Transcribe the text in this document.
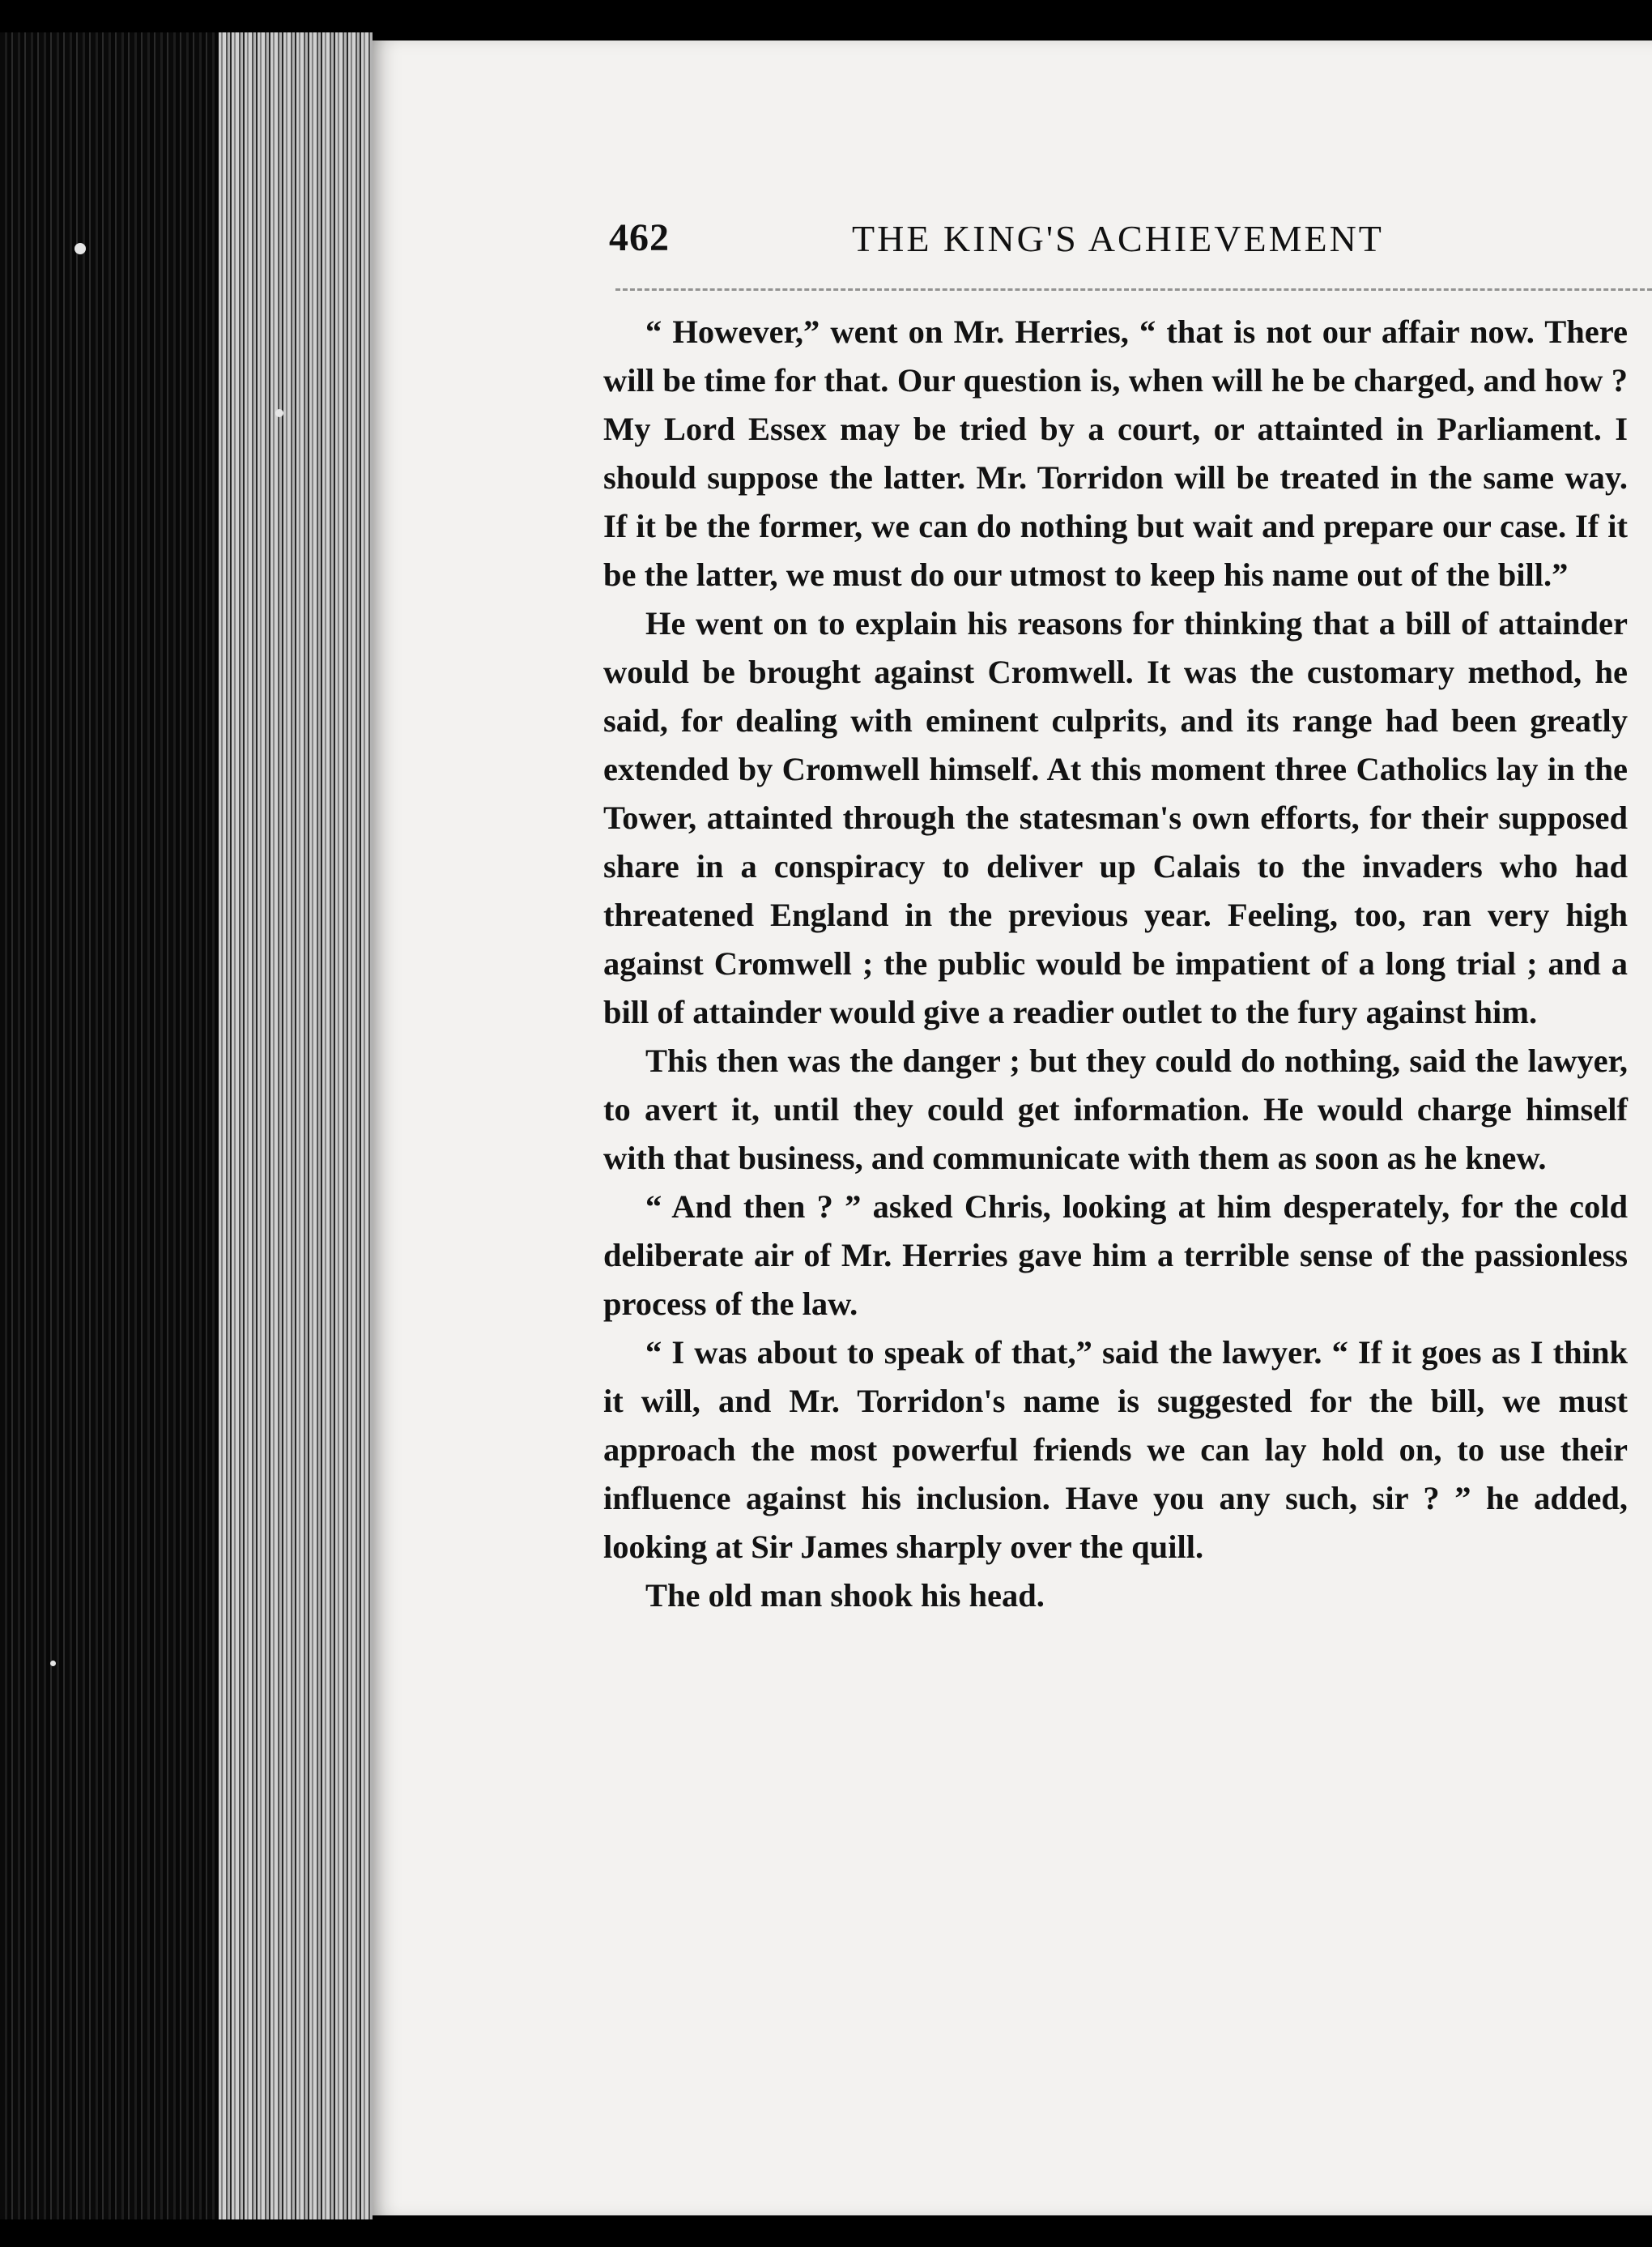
462	THE KING'S ACHIEVEMENT

“ However,” went on Mr. Herries, “ that is not our affair now. There will be time for that. Our question is, when will he be charged, and how ? My Lord Essex may be tried by a court, or attainted in Parliament. I should suppose the latter. Mr. Torridon will be treated in the same way. If it be the former, we can do nothing but wait and prepare our case. If it be the latter, we must do our utmost to keep his name out of the bill.”

He went on to explain his reasons for thinking that a bill of attainder would be brought against Cromwell. It was the customary method, he said, for dealing with eminent culprits, and its range had been greatly extended by Cromwell himself. At this moment three Catholics lay in the Tower, attainted through the statesman's own efforts, for their supposed share in a conspiracy to deliver up Calais to the invaders who had threatened England in the previous year. Feeling, too, ran very high against Cromwell ; the public would be impatient of a long trial ; and a bill of attainder would give a readier outlet to the fury against him.

This then was the danger ; but they could do nothing, said the lawyer, to avert it, until they could get information. He would charge himself with that business, and communicate with them as soon as he knew.

“ And then ? ” asked Chris, looking at him desperately, for the cold deliberate air of Mr. Herries gave him a terrible sense of the passionless process of the law.

“ I was about to speak of that,” said the lawyer. “ If it goes as I think it will, and Mr. Torridon's name is suggested for the bill, we must approach the most powerful friends we can lay hold on, to use their influence against his inclusion. Have you any such, sir ? ” he added, looking at Sir James sharply over the quill.

The old man shook his head.
